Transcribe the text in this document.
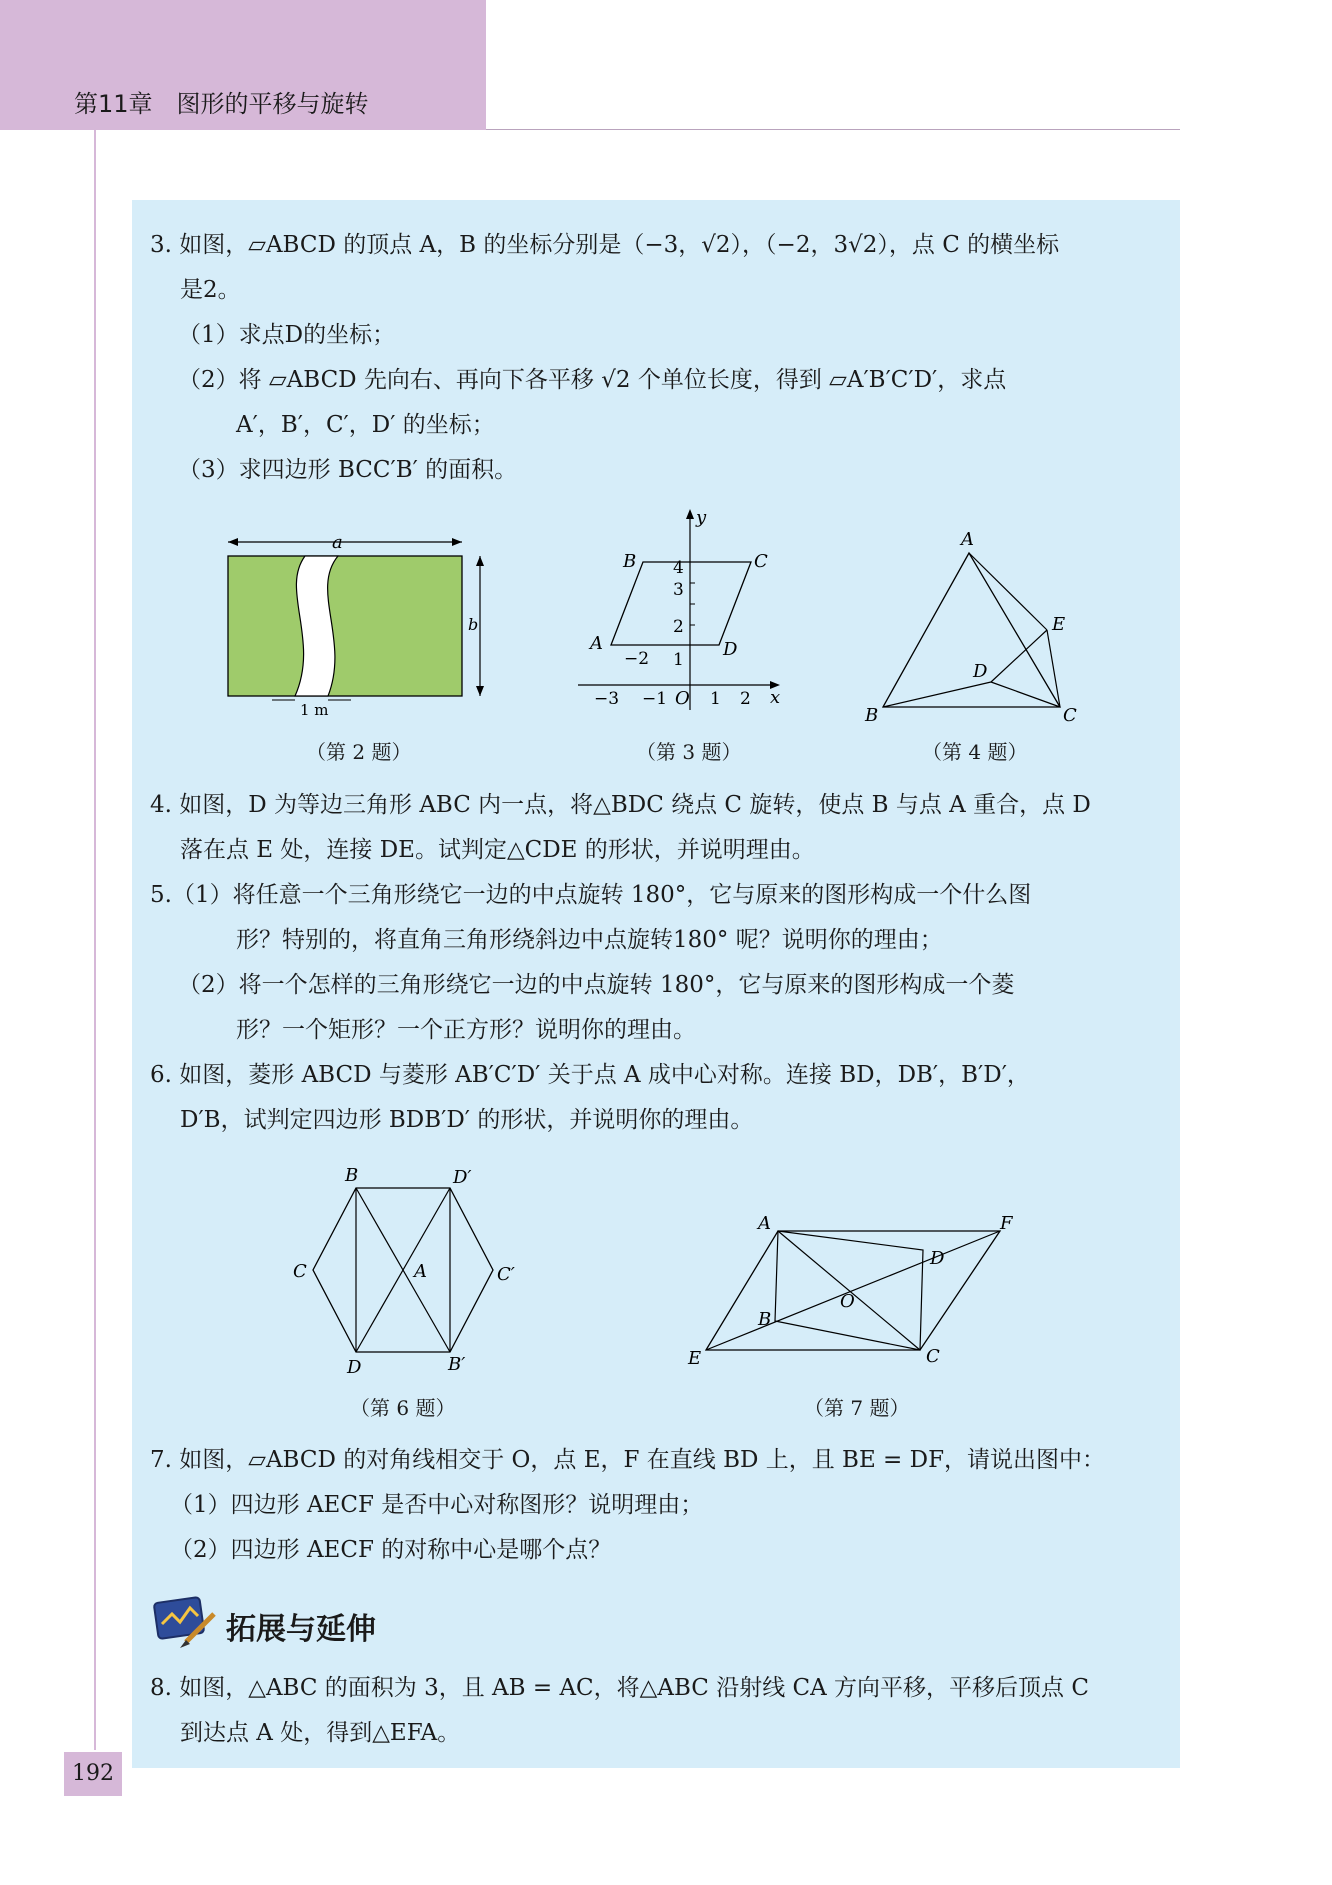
第11章 图形的平移与旋转
3. 如图，▱ABCD 的顶点 A，B 的坐标分别是（−3，√2），（−2，3√2），点 C 的横坐标
是2。
（1）求点D的坐标；
（2）将 ▱ABCD 先向右、再向下各平移 √2 个单位长度，得到 ▱A′B′C′D′，求点
A′，B′，C′，D′ 的坐标；
（3）求四边形 BCC′B′ 的面积。
a
b
1 m
（第 2 题）
y
x
4
3
2
1
−2
−3 −1 O 1 2
B	C
A	D
（第 3 题）
A
B	C
D
E
（第 4 题）
4. 如图，D 为等边三角形 ABC 内一点，将△BDC 绕点 C 旋转，使点 B 与点 A 重合，点 D
落在点 E 处，连接 DE。试判定△CDE 的形状，并说明理由。
5.（1）将任意一个三角形绕它一边的中点旋转 180°，它与原来的图形构成一个什么图
形？特别的，将直角三角形绕斜边中点旋转180° 呢？说明你的理由；
（2）将一个怎样的三角形绕它一边的中点旋转 180°，它与原来的图形构成一个菱
形？一个矩形？一个正方形？说明你的理由。
6. 如图，菱形 ABCD 与菱形 AB′C′D′ 关于点 A 成中心对称。连接 BD，DB′，B′D′，
D′B，试判定四边形 BDB′D′ 的形状，并说明你的理由。
B	D′
C	A	C′
D	B′
（第 6 题）
A	F
D
O
B
E	C
（第 7 题）
7. 如图，▱ABCD 的对角线相交于 O，点 E，F 在直线 BD 上，且 BE = DF，请说出图中：
（1）四边形 AECF 是否中心对称图形？说明理由；
（2）四边形 AECF 的对称中心是哪个点？
拓展与延伸
8. 如图，△ABC 的面积为 3，且 AB = AC，将△ABC 沿射线 CA 方向平移，平移后顶点 C
到达点 A 处，得到△EFA。
192
